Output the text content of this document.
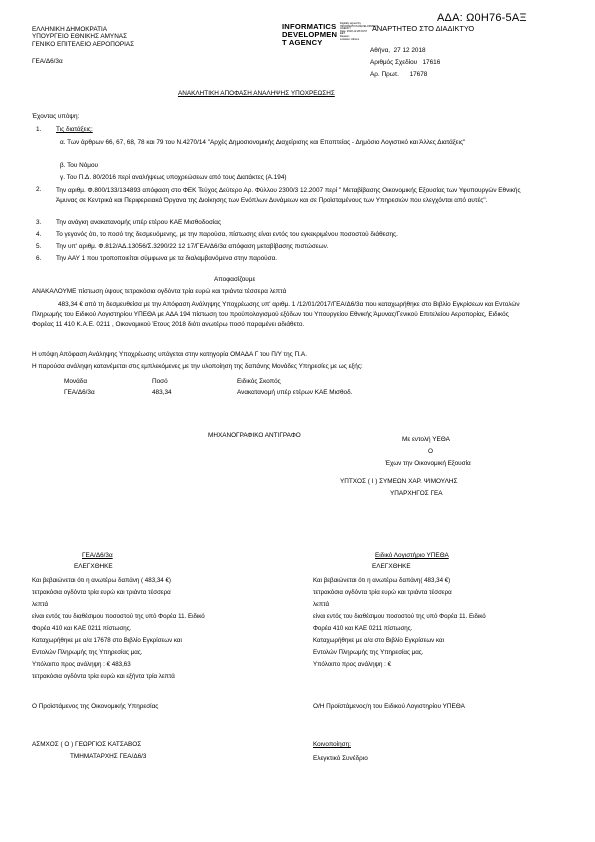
ΑΔΑ: Ω0Η76-5ΑΞ
ΕΛΛΗΝΙΚΗ ΔΗΜΟΚΡΑΤΙΑ
ΥΠΟΥΡΓΕΙΟ ΕΘΝΙΚΗΣ ΑΜΥΝΑΣ
ΓΕΝΙΚΟ ΕΠΙΤΕΛΕΙΟ ΑΕΡΟΠΟΡΙΑΣ
ΓΕΑ/Δ6/3α
INFORMATICS
DEVELOPMEN
T AGENCY
Digitally signed by
INFORMATICS DEVELOPMENT
AGENCY
Date: 2018.12.28 09:57
EET
Reason:
Location: Athens
ΑΝΑΡΤΗΤΕΟ ΣΤΟ ΔΙΑΔΙΚΤΥΟ
Αθήνα, 27 12 2018
Αριθμός Σχεδίου 17616
Αρ. Πρωτ. 17678
ΑΝΑΚΛΗΤΙΚΗ ΑΠΟΦΑΣΗ ΑΝΑΛΗΨΗΣ ΥΠΟΧΡΕΩΣΗΣ
Έχοντας υπόψη:
1. Τις διατάξεις:
α. Των άρθρων 66, 67, 68, 78 και 79 του Ν.4270/14 "Αρχές Δημοσιονομικής Διαχείρισης και Εποπτείας - Δημόσιο Λογιστικό και Άλλες Διατάξεις"
β. Του Νόμου
γ. Του Π.Δ. 80/2016 περί αναλήψεως υποχρεώσεων από τους Διατάκτες (Α.194)
2. Την αριθμ. Φ.800/133/134893 απόφαση στο ΦΕΚ Τεύχος Δεύτερο Αρ. Φύλλου 2300/3 12.2007 περί " Μεταβίβασης Οικονομικής Εξουσίας των Υφυπουργών Εθνικής Άμυνας σε Κεντρικά και Περιφερειακά Όργανα της Διοίκησης των Ενόπλων Δυνάμεων και σε Προϊσταμένους των Υπηρεσιών που ελεγχόνται από αυτές".
3. Την ανάγκη ανακατανομής υπέρ ετέρου ΚΑΕ Μισθοδοσίας
4. Το γεγονός ότι, το ποσό της δεσμευόμενης, με την παρούσα, πίστωσης είναι εντός του εγκεκριμένου ποσοστού διάθεσης.
5. Την υπ' αριθμ. Φ.812/ΑΔ.13056/Σ.3290/22 12 17/ΓΕΑ/Δ6/3α απόφαση μεταβίβασης πιστώσεων.
6. Την ΑΑΥ 1 που τροποποιείται σύμφωνα με τα διαλαμβανόμενα στην παρούσα.
Αποφασίζουμε
ΑΝΑΚΑΛΟΥΜΕ πίστωση ύψους τετρακόσια ογδόντα τρία ευρώ και τριάντα τέσσερα λεπτά
483,34 € από τη δεσμευθείσα με την Απόφαση Ανάληψης Υποχρέωσης υπ' αριθμ. 1 /12/01/2017/ΓΕΑ/Δ6/3α που καταχωρήθηκε στο Βιβλίο Εγκρίσεων και Εντολών Πληρωμής του Ειδικού Λογιστηρίου ΥΠΕΘΑ με ΑΔΑ 194 πίστωση του προϋπολογισμού εξόδων του Υπουργείου Εθνικής Άμυνας/Γενικού Επιτελείου Αεροπορίας, Ειδικός Φορέας 11 410 Κ.Α.Ε. 0211 , Οικονομικού Έτους 2018 διότι ανωτέρω ποσό παραμένει αδιάθετο.
Η υπόψη Απόφαση Ανάληψης Υποχρέωσης υπάγεται στην κατηγορία ΟΜΑΔΑ Γ του Π/Υ της Π.Α.
Η παρούσα ανάληψη κατανέμεται στις εμπλεκόμενες με την υλοποίηση της δαπάνης Μονάδες Υπηρεσίες με ως εξής:
Μονάδα	Ποσό	Ειδικός Σκοπός
ΓΕΑ/Δ6/3α	483,34	Ανακατανομή υπέρ ετέρων ΚΑΕ Μισθοδ.
ΜΗΧΑΝΟΓΡΑΦΙΚΟ ΑΝΤΙΓΡΑΦΟ
Με εντολή ΥΕΘΑ
Ο
Έχων την Οικονομική Εξουσία
ΥΠΤΧΟΣ ( Ι ) ΣΥΜΕΩΝ ΧΑΡ. ΨΙΜΟΥΛΗΣ
ΥΠΑΡΧΗΓΟΣ ΓΕΑ
ΓΕΑ/Δ6/3α
ΕΛΕΓΧΘΗΚΕ
Και βεβαιώνεται ότι η ανωτέρω δαπάνη ( 483,34 €)
τετρακόσια ογδόντα τρία ευρώ και τριάντα τέσσερα
λεπτά
είναι εντός του διαθέσιμου ποσοστού της υπό Φορέα 11. Ειδικό
Φορέα 410 και ΚΑΕ 0211 πίστωσης.
Καταχωρήθηκε με α/α 17678 στο Βιβλίο Εγκρίσεων και
Εντολών Πληρωμής της Υπηρεσίας μας.
Υπόλοιπο προς ανάληψη : € 483,63
τετρακόσια ογδόντα τρία ευρώ και εξήντα τρία λεπτά
Ειδικό Λογιστήριο ΥΠΕΘΑ
ΕΛΕΓΧΘΗΚΕ
Και βεβαιώνεται ότι η ανωτέρω δαπάνη( 483,34 €)
τετρακόσια ογδόντα τρία ευρώ και τριάντα τέσσερα
λεπτά
είναι εντός του διαθέσιμου ποσοστού της υπό Φορέα 11. Ειδικό
Φορέα 410 και ΚΑΕ 0211 πίστωσης.
Καταχωρήθηκε με α/α στο Βιβλίο Εγκρίσεων και
Εντολών Πληρωμής της Υπηρεσίας μας.
Υπόλοιπο προς ανάληψη : €
Ο Προϊστάμενος της Οικονομικής Υπηρεσίας	Ο/Η Προϊστάμενος/η του Ειδικού Λογιστηρίου ΥΠΕΘΑ
ΑΣΜΧΟΣ ( Ο ) ΓΕΩΡΓΙΟΣ ΚΑΤΣΑΒΟΣ
ΤΜΗΜΑΤΑΡΧΗΣ ΓΕΑ/Δ6/3
Κοινοποίηση:
Ελεγκτικό Συνέδριο
